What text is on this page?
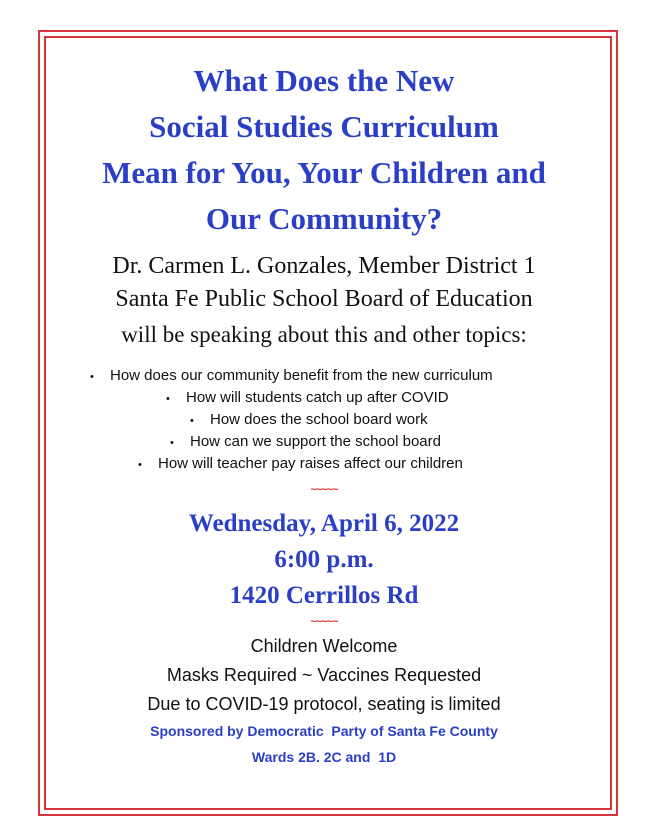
What Does the New
Social Studies Curriculum
Mean for You, Your Children and
Our Community?
Dr. Carmen L. Gonzales, Member District 1
Santa Fe Public School Board of Education
will be speaking about this and other topics:
• How does our community benefit from the new curriculum
• How will students catch up after COVID
• How does the school board work
• How can we support the school board
• How will teacher pay raises affect our children
~~~~~
Wednesday, April 6, 2022
6:00 p.m.
1420 Cerrillos Rd
~~~~~
Children Welcome
Masks Required ~ Vaccines Requested
Due to COVID-19 protocol, seating is limited
Sponsored by Democratic  Party of Santa Fe County
Wards 2B. 2C and  1D
